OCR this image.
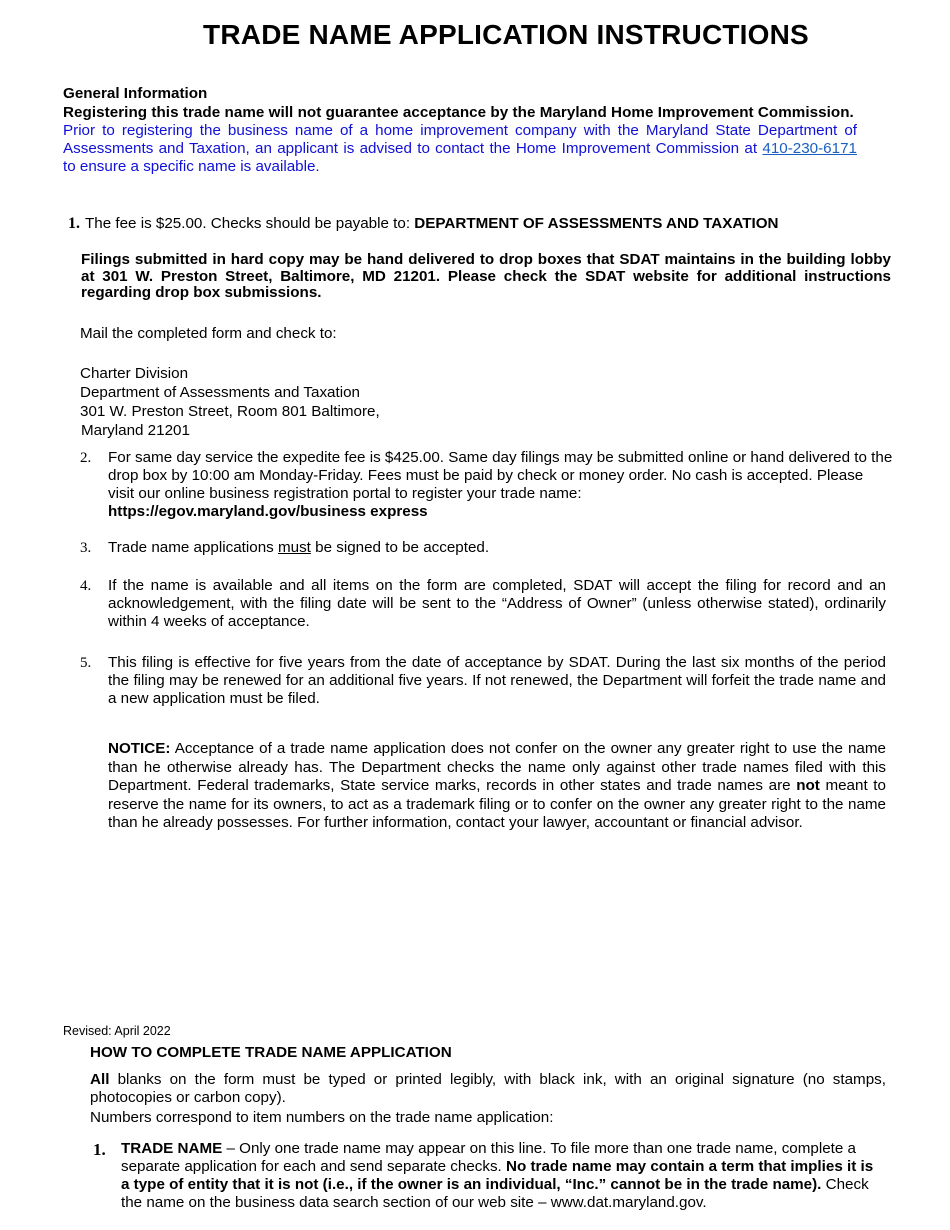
TRADE NAME APPLICATION INSTRUCTIONS
General Information
Registering this trade name will not guarantee acceptance by the Maryland Home Improvement Commission.
Prior to registering the business name of a home improvement company with the Maryland State Department of Assessments and Taxation, an applicant is advised to contact the Home Improvement Commission at 410-230-6171 to ensure a specific name is available.
1. The fee is $25.00. Checks should be payable to: DEPARTMENT OF ASSESSMENTS AND TAXATION
Filings submitted in hard copy may be hand delivered to drop boxes that SDAT maintains in the building lobby at 301 W. Preston Street, Baltimore, MD 21201. Please check the SDAT website for additional instructions regarding drop box submissions.
Mail the completed form and check to:
Charter Division
Department of Assessments and Taxation
301 W. Preston Street, Room 801 Baltimore,
Maryland 21201
2. For same day service the expedite fee is $425.00. Same day filings may be submitted online or hand delivered to the drop box by 10:00 am Monday-Friday. Fees must be paid by check or money order. No cash is accepted. Please visit our online business registration portal to register your trade name:
https://egov.maryland.gov/business express
3. Trade name applications must be signed to be accepted.
4. If the name is available and all items on the form are completed, SDAT will accept the filing for record and an acknowledgement, with the filing date will be sent to the “Address of Owner” (unless otherwise stated), ordinarily within 4 weeks of acceptance.
5. This filing is effective for five years from the date of acceptance by SDAT. During the last six months of the period the filing may be renewed for an additional five years. If not renewed, the Department will forfeit the trade name and a new application must be filed.
NOTICE: Acceptance of a trade name application does not confer on the owner any greater right to use the name than he otherwise already has. The Department checks the name only against other trade names filed with this Department. Federal trademarks, State service marks, records in other states and trade names are not meant to reserve the name for its owners, to act as a trademark filing or to confer on the owner any greater right to the name than he already possesses. For further information, contact your lawyer, accountant or financial advisor.
Revised: April 2022
HOW TO COMPLETE TRADE NAME APPLICATION
All blanks on the form must be typed or printed legibly, with black ink, with an original signature (no stamps, photocopies or carbon copy).
Numbers correspond to item numbers on the trade name application:
1. TRADE NAME – Only one trade name may appear on this line. To file more than one trade name, complete a separate application for each and send separate checks. No trade name may contain a term that implies it is a type of entity that it is not (i.e., if the owner is an individual, “Inc.” cannot be in the trade name). Check the name on the business data search section of our web site – www.dat.maryland.gov.
